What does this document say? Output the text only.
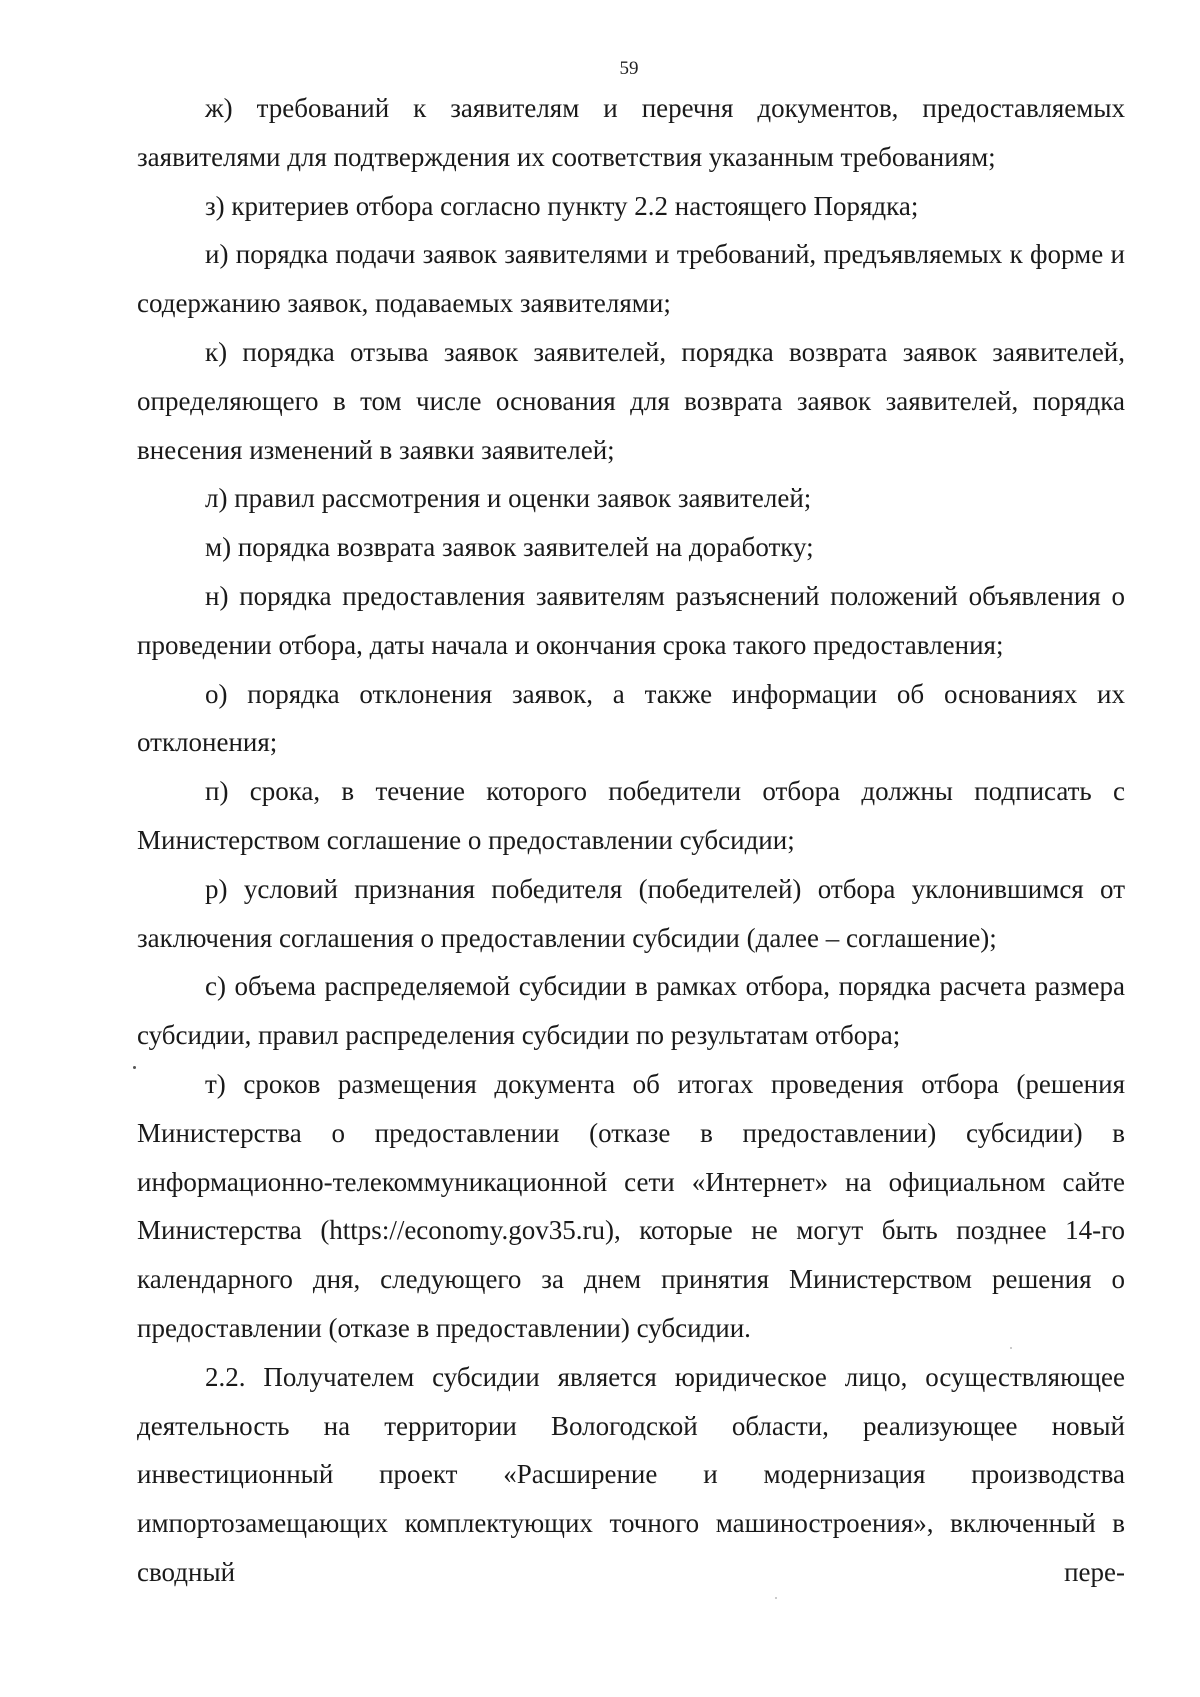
59

ж) требований к заявителям и перечня документов, предоставляемых заявителями для подтверждения их соответствия указанным требованиям;

з) критериев отбора согласно пункту 2.2 настоящего Порядка;

и) порядка подачи заявок заявителями и требований, предъявляемых к форме и содержанию заявок, подаваемых заявителями;

к) порядка отзыва заявок заявителей, порядка возврата заявок заявителей, определяющего в том числе основания для возврата заявок заявителей, порядка внесения изменений в заявки заявителей;

л) правил рассмотрения и оценки заявок заявителей;

м) порядка возврата заявок заявителей на доработку;

н) порядка предоставления заявителям разъяснений положений объявления о проведении отбора, даты начала и окончания срока такого предоставления;

о) порядка отклонения заявок, а также информации об основаниях их отклонения;

п) срока, в течение которого победители отбора должны подписать с Министерством соглашение о предоставлении субсидии;

р) условий признания победителя (победителей) отбора уклонившимся от заключения соглашения о предоставлении субсидии (далее – соглашение);

с) объема распределяемой субсидии в рамках отбора, порядка расчета размера субсидии, правил распределения субсидии по результатам отбора;

т) сроков размещения документа об итогах проведения отбора (решения Министерства о предоставлении (отказе в предоставлении) субсидии) в информационно-телекоммуникационной сети «Интернет» на официальном сайте Министерства (https://economy.gov35.ru), которые не могут быть позднее 14-го календарного дня, следующего за днем принятия Министерством решения о предоставлении (отказе в предоставлении) субсидии.

2.2. Получателем субсидии является юридическое лицо, осуществляющее деятельность на территории Вологодской области, реализующее новый инвестиционный проект «Расширение и модернизация производства импортозамещающих комплектующих точного машиностроения», включенный в сводный пере-
